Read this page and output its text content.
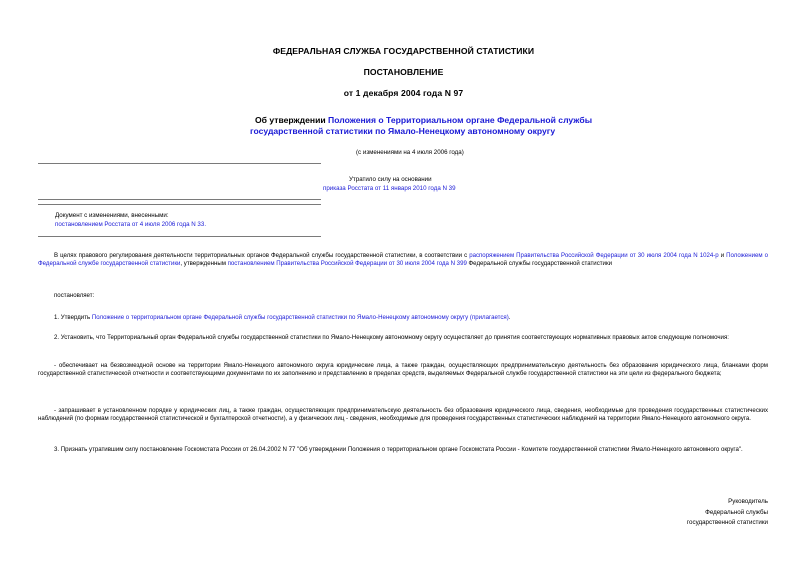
ФЕДЕРАЛЬНАЯ СЛУЖБА ГОСУДАРСТВЕННОЙ СТАТИСТИКИ
ПОСТАНОВЛЕНИЕ
от 1 декабря 2004 года N 97
Об утверждении Положения о Территориальном органе Федеральной службы
государственной статистики по Ямало-Ненецкому автономному округу
(с изменениями на 4 июля 2006 года)
Утратило силу на основании
приказа Росстата от 11 января 2010 года N 39
Документ с изменениями, внесенными:
постановлением Росстата от 4 июля 2006 года N 33.
В целях правового регулирования деятельности территориальных органов Федеральной службы государственной статистики, в соответствии с распоряжением Правительства Российской Федерации от 30 июля 2004 года N 1024-р и Положением о Федеральной службе государственной статистики, утвержденным постановлением Правительства Российской Федерации от 30 июля 2004 года N 399 Федеральной службы государственной статистики
постановляет:
1. Утвердить Положение о территориальном органе Федеральной службы государственной статистики по Ямало-Ненецкому автономному округу (прилагается).
2. Установить, что Территориальный орган Федеральной службы государственной статистики по Ямало-Ненецкому автономному округу осуществляет до принятия соответствующих нормативных правовых актов следующие полномочия:
- обеспечивает на безвозмездной основе на территории Ямало-Ненецкого автономного округа юридические лица, а также граждан, осуществляющих предпринимательскую деятельность без образования юридического лица, бланками форм государственной статистической отчетности и соответствующими документами по их заполнению и представлению в пределах средств, выделяемых Федеральной службе государственной статистики на эти цели из федерального бюджета;
- запрашивает в установленном порядке у юридических лиц, а также граждан, осуществляющих предпринимательскую деятельность без образования юридического лица, сведения, необходимые для проведения государственных статистических наблюдений (по формам государственной статистической и бухгалтерской отчетности), а у физических лиц - сведения, необходимые для проведения государственных статистических наблюдений на территории Ямало-Ненецкого автономного округа.
3. Признать утратившим силу постановление Госкомстата России от 26.04.2002 N 77 "Об утверждении Положения о территориальном органе Госкомстата России - Комитете государственной статистики Ямало-Ненецкого автономного округа".
Руководитель
Федеральной службы
государственной статистики
